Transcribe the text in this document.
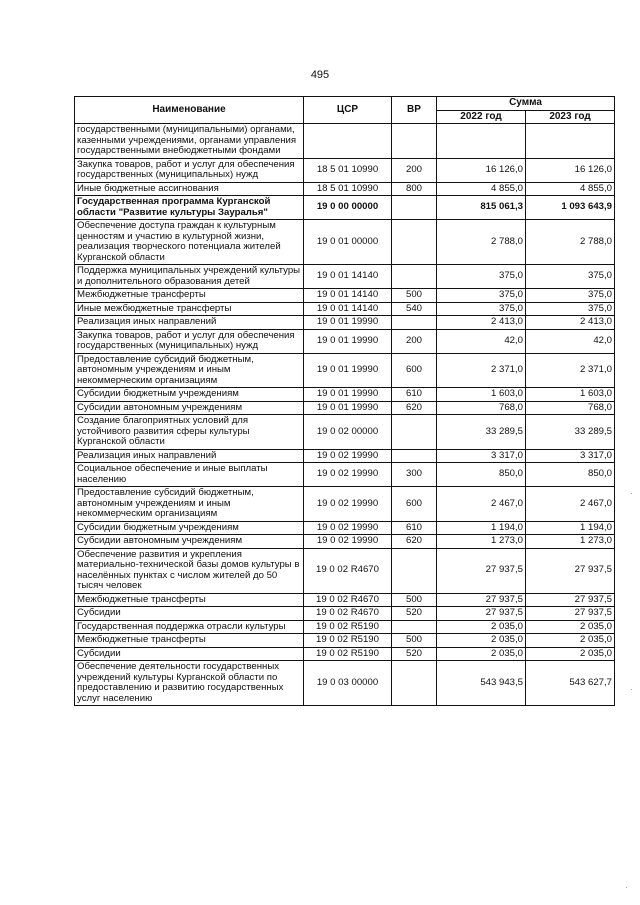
495
Наименование	ЦСР	ВР	Сумма	
			2022 год	2023 год
государственными (муниципальными) органами, казенными учреждениями, органами управления государственными внебюджетными фондами				
Закупка товаров, работ и услуг для обеспечения государственных (муниципальных) нужд	18 5 01 10990	200	16 126,0	16 126,0
Иные бюджетные ассигнования	18 5 01 10990	800	4 855,0	4 855,0
Государственная программа Курганской области "Развитие культуры Зауралья"	19 0 00 00000		815 061,3	1 093 643,9
Обеспечение доступа граждан к культурным ценностям и участию в культурной жизни, реализация творческого потенциала жителей Курганской области	19 0 01 00000		2 788,0	2 788,0
Поддержка муниципальных учреждений культуры и дополнительного образования детей	19 0 01 14140		375,0	375,0
Межбюджетные трансферты	19 0 01 14140	500	375,0	375,0
Иные межбюджетные трансферты	19 0 01 14140	540	375,0	375,0
Реализация иных направлений	19 0 01 19990		2 413,0	2 413,0
Закупка товаров, работ и услуг для обеспечения государственных (муниципальных) нужд	19 0 01 19990	200	42,0	42,0
Предоставление субсидий бюджетным, автономным учреждениям и иным некоммерческим организациям	19 0 01 19990	600	2 371,0	2 371,0
Субсидии бюджетным учреждениям	19 0 01 19990	610	1 603,0	1 603,0
Субсидии автономным учреждениям	19 0 01 19990	620	768,0	768,0
Создание благоприятных условий для устойчивого развития сферы культуры Курганской области	19 0 02 00000		33 289,5	33 289,5
Реализация иных направлений	19 0 02 19990		3 317,0	3 317,0
Социальное обеспечение и иные выплаты населению	19 0 02 19990	300	850,0	850,0
Предоставление субсидий бюджетным, автономным учреждениям и иным некоммерческим организациям	19 0 02 19990	600	2 467,0	2 467,0
Субсидии бюджетным учреждениям	19 0 02 19990	610	1 194,0	1 194,0
Субсидии автономным учреждениям	19 0 02 19990	620	1 273,0	1 273,0
Обеспечение развития и укрепления материально-технической базы домов культуры в населённых пунктах с числом жителей до 50 тысяч человек	19 0 02 R4670		27 937,5	27 937,5
Межбюджетные трансферты	19 0 02 R4670	500	27 937,5	27 937,5
Субсидии	19 0 02 R4670	520	27 937,5	27 937,5
Государственная поддержка отрасли культуры	19 0 02 R5190		2 035,0	2 035,0
Межбюджетные трансферты	19 0 02 R5190	500	2 035,0	2 035,0
Субсидии	19 0 02 R5190	520	2 035,0	2 035,0
Обеспечение деятельности государственных учреждений культуры Курганской области по предоставлению и развитию государственных услуг населению	19 0 03 00000		543 943,5	543 627,7
·
·
·
